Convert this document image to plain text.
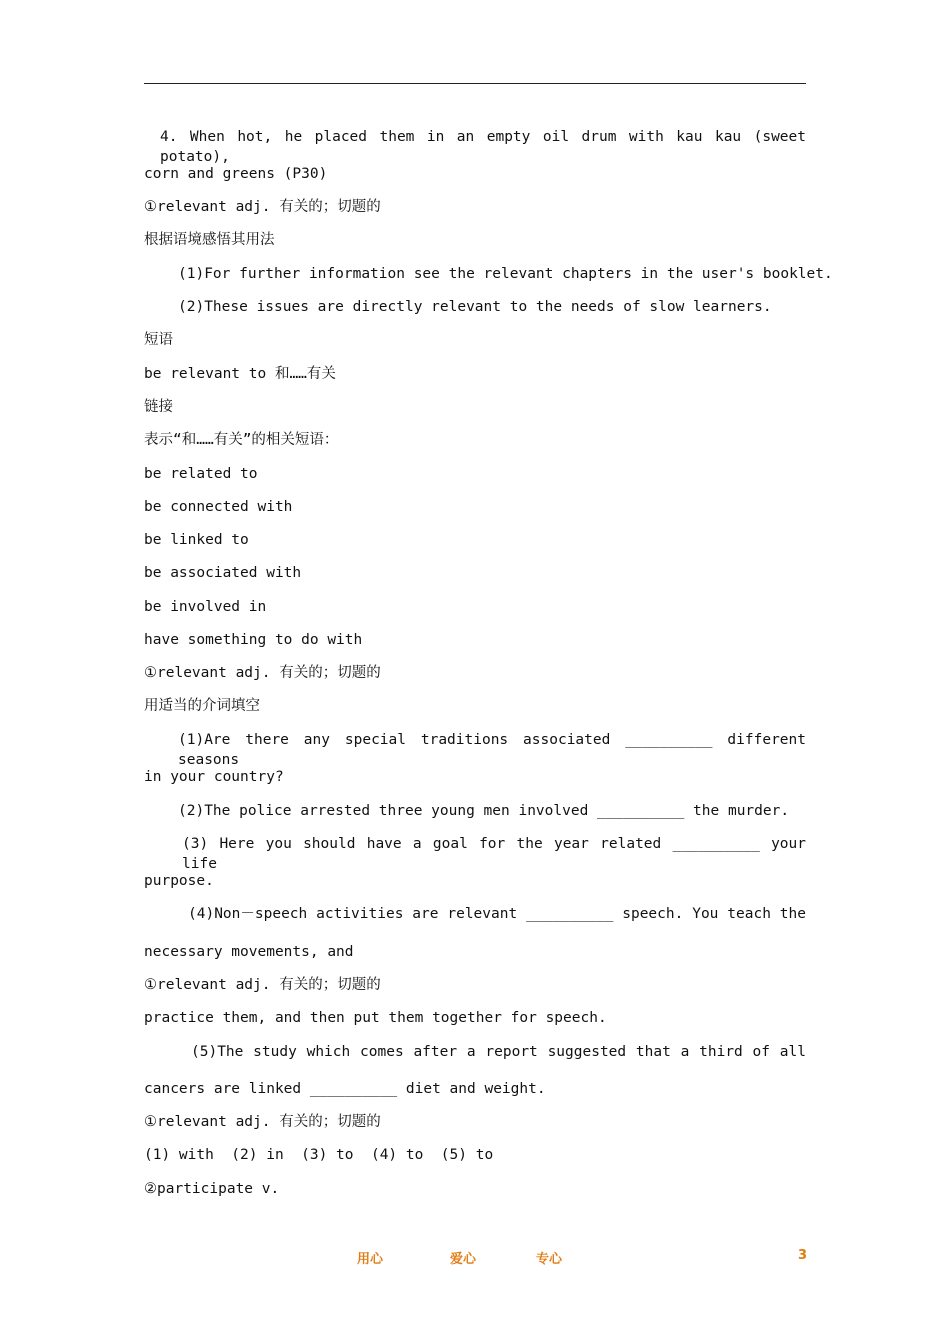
4. When hot, he placed them in an empty oil drum with kau kau (sweet potato),
corn and greens (P30)
①relevant adj. 有关的；切题的
根据语境感悟其用法
(1)For further information see the relevant chapters in the user's booklet.
(2)These issues are directly relevant to the needs of slow learners.
短语
be relevant to 和……有关
链接
表示“和……有关”的相关短语：
be related to
be connected with
be linked to
be associated with
be involved in
have something to do with
①relevant adj. 有关的；切题的
用适当的介词填空
(1)Are there any special traditions associated __________ different seasons
in your country?
(2)The police arrested three young men involved __________ the murder.
(3) Here you should have a goal for the year related __________ your life
purpose.
(4)Non－speech activities are relevant __________ speech. You teach the
necessary movements, and
①relevant adj. 有关的；切题的
practice them, and then put them together for speech.
(5)The study which comes after a report suggested that a third of all
cancers are linked __________ diet and weight.
①relevant adj. 有关的；切题的
(1) with  (2) in  (3) to  (4) to  (5) to
②participate v.
用心	爱心	专心	3
